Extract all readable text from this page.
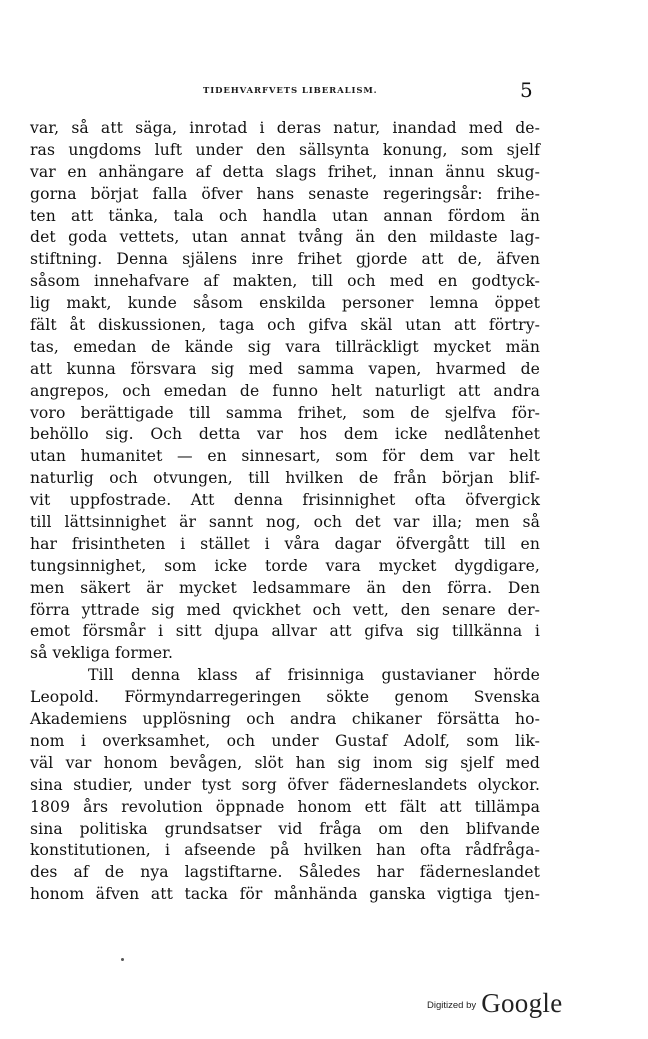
TIDEHVARFVETS LIBERALISM.	5
var, så att säga, inrotad i deras natur, inandad med de-
ras ungdoms luft under den sällsynta konung, som sjelf
var en anhängare af detta slags frihet, innan ännu skug-
gorna börjat falla öfver hans senaste regeringsår: frihe-
ten att tänka, tala och handla utan annan fördom än
det goda vettets, utan annat tvång än den mildaste lag-
stiftning. Denna själens inre frihet gjorde att de, äfven
såsom innehafvare af makten, till och med en godtyck-
lig makt, kunde såsom enskilda personer lemna öppet
fält åt diskussionen, taga och gifva skäl utan att förtry-
tas, emedan de kände sig vara tillräckligt mycket män
att kunna försvara sig med samma vapen, hvarmed de
angrepos, och emedan de funno helt naturligt att andra
voro berättigade till samma frihet, som de sjelfva för-
behöllo sig. Och detta var hos dem icke nedlåtenhet
utan humanitet — en sinnesart, som för dem var helt
naturlig och otvungen, till hvilken de från början blif-
vit uppfostrade. Att denna frisinnighet ofta öfvergick
till lättsinnighet är sannt nog, och det var illa; men så
har frisintheten i stället i våra dagar öfvergått till en
tungsinnighet, som icke torde vara mycket dygdigare,
men säkert är mycket ledsammare än den förra. Den
förra yttrade sig med qvickhet och vett, den senare der-
emot försmår i sitt djupa allvar att gifva sig tillkänna i
så vekliga former.
Till denna klass af frisinniga gustavianer hörde
Leopold. Förmyndarregeringen sökte genom Svenska
Akademiens upplösning och andra chikaner försätta ho-
nom i overksamhet, och under Gustaf Adolf, som lik-
väl var honom bevågen, slöt han sig inom sig sjelf med
sina studier, under tyst sorg öfver fäderneslandets olyckor.
1809 års revolution öppnade honom ett fält att tillämpa
sina politiska grundsatser vid fråga om den blifvande
konstitutionen, i afseende på hvilken han ofta rådfråga-
des af de nya lagstiftarne. Således har fäderneslandet
honom äfven att tacka för månhända ganska vigtiga tjen-
$^{Digitized by}$ Google
